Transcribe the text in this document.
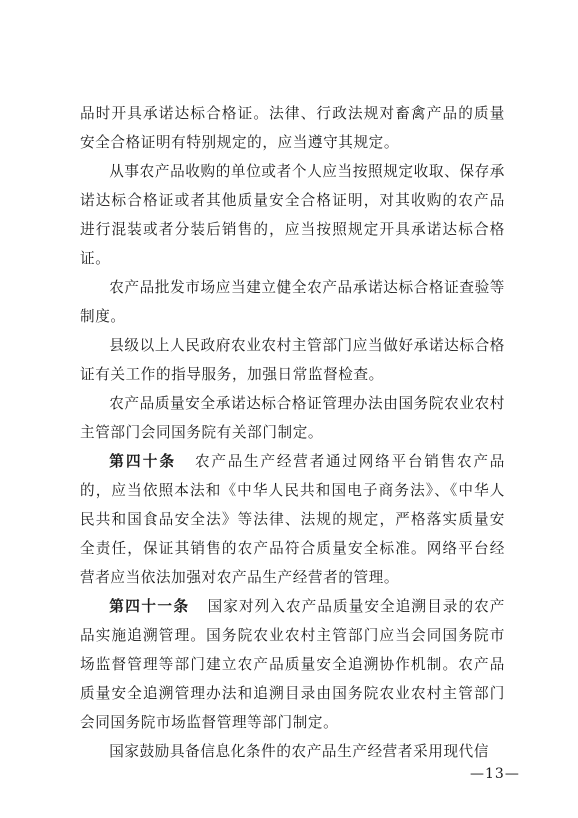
品时开具承诺达标合格证。法律、行政法规对畜禽产品的质量安全合格证明有特别规定的，应当遵守其规定。

从事农产品收购的单位或者个人应当按照规定收取、保存承诺达标合格证或者其他质量安全合格证明，对其收购的农产品进行混装或者分装后销售的，应当按照规定开具承诺达标合格证。

农产品批发市场应当建立健全农产品承诺达标合格证查验等制度。

县级以上人民政府农业农村主管部门应当做好承诺达标合格证有关工作的指导服务，加强日常监督检查。

农产品质量安全承诺达标合格证管理办法由国务院农业农村主管部门会同国务院有关部门制定。

第四十条 农产品生产经营者通过网络平台销售农产品的，应当依照本法和《中华人民共和国电子商务法》、《中华人民共和国食品安全法》等法律、法规的规定，严格落实质量安全责任，保证其销售的农产品符合质量安全标准。网络平台经营者应当依法加强对农产品生产经营者的管理。

第四十一条 国家对列入农产品质量安全追溯目录的农产品实施追溯管理。国务院农业农村主管部门应当会同国务院市场监督管理等部门建立农产品质量安全追溯协作机制。农产品质量安全追溯管理办法和追溯目录由国务院农业农村主管部门会同国务院市场监督管理等部门制定。

国家鼓励具备信息化条件的农产品生产经营者采用现代信

—13—
